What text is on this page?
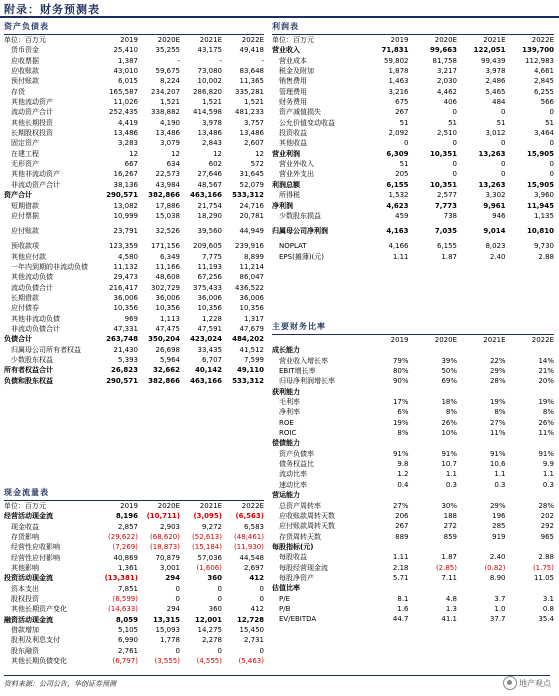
附录：财务预测表
资产负债表
单位：百万元	2019	2020E	2021E	2022E
货币资金	25,410	35,255	43,175	49,418
应收票据	1,387	-	-	-
应收账款	43,010	59,675	73,080	83,648
预付账款	6,015	8,224	10,002	11,365
存货	165,587	234,207	286,820	335,281
其他流动资产	11,026	1,521	1,521	1,521
流动资产合计	252,435	338,882	414,598	481,233
其他长期投资	4,419	4,190	3,978	3,757
长期股权投资	13,486	13,486	13,486	13,486
固定资产	3,283	3,079	2,843	2,607
在建工程	12	12	12	12
无形资产	667	634	602	572
其他非流动资产	16,267	22,573	27,646	31,645
非流动资产合计	38,136	43,984	48,567	52,079
资产合计	290,571	382,866	463,166	533,312
短期借款	13,082	17,886	21,754	24,716
应付票据	10,999	15,038	18,290	20,781
应付账款	23,791	32,526	39,560	44,949
预收款项	123,359	171,156	209,605	239,916
其他应付款	4,580	6,349	7,775	8,899
一年内到期的非流动负债	11,132	11,166	11,193	11,214
其他流动负债	29,473	48,608	67,256	86,047
流动负债合计	216,417	302,729	375,433	436,522
长期借款	36,006	36,006	36,006	36,006
应付债券	10,356	10,356	10,356	10,356
其他非流动负债	969	1,113	1,228	1,317
非流动负债合计	47,331	47,475	47,591	47,679
负债合计	263,748	350,204	423,024	484,202
归属母公司所有者权益	21,430	26,698	33,435	41,512
少数股东权益	5,393	5,964	6,707	7,599
所有者权益合计	26,823	32,662	40,142	49,110
负债和股东权益	290,571	382,866	463,166	533,312
现金流量表
单位：百万元	2019	2020E	2021E	2022E
经营活动现金流	8,196	(10,711)	(3,095)	(6,563)
现金收益	2,857	2,903	9,272	6,583
存货影响	(29,622)	(68,620)	(52,613)	(48,461)
经营性应收影响	(7,269)	(18,873)	(15,184)	(11,930)
经营性应付影响	40,869	70,879	57,036	44,548
其他影响	1,361	3,001	(1,606)	2,697
投资活动现金流	(13,381)	294	360	412
资本支出	7,851	0	0	0
股权投资	(6,599)	0	0	0
其他长期资产变化	(14,633)	294	360	412
融资活动现金流	8,059	13,315	12,001	12,728
借款增加	5,105	15,093	14,275	15,450
股利及利息支付	6,990	1,778	2,278	2,731
股东融资	2,761	0	0	0
其他长期负债变化	(6,797)	(3,555)	(4,555)	(5,463)
利润表
单位：百万元	2019	2020E	2021E	2022E
营业收入	71,831	99,663	122,051	139,700
营业成本	59,802	81,758	99,439	112,983
税金及附加	1,878	3,217	3,978	4,661
销售费用	1,463	2,030	2,486	2,845
管理费用	3,216	4,462	5,465	6,255
财务费用	675	406	484	566
资产减值损失	267	0	0	0
公允价值变动收益	51	51	51	51
投资收益	2,092	2,510	3,012	3,464
其他收益	0	0	0	0
营业利润	6,309	10,351	13,263	15,905
营业外收入	51	0	0	0
营业外支出	205	0	0	0
利润总额	6,155	10,351	13,263	15,905
所得税	1,532	2,577	3,302	3,960
净利润	4,623	7,773	9,961	11,945
少数股东损益	459	738	946	1,135
归属母公司净利润	4,163	7,035	9,014	10,810
NOPLAT	4,166	6,155	8,023	9,730
EPS(摊薄)(元)	1.11	1.87	2.40	2.88
主要财务比率
	2019	2020E	2021E	2022E
成长能力				
营业收入增长率	79%	39%	22%	14%
EBIT增长率	80%	50%	29%	21%
归母净利润增长率	90%	69%	28%	20%
获利能力				
毛利率	17%	18%	19%	19%
净利率	6%	8%	8%	8%
ROE	19%	26%	27%	26%
ROIC	8%	10%	11%	11%
偿债能力				
资产负债率	91%	91%	91%	91%
债务权益比	9.8	10.7	10.6	9.9
流动比率	1.2	1.1	1.1	1.1
速动比率	0.4	0.3	0.3	0.3
营运能力				
总资产周转率	27%	30%	29%	28%
应收账款周转天数	206	188	196	202
应付账款周转天数	267	272	285	292
存货周转天数	889	859	919	965
每股指标(元)				
每股收益	1.11	1.87	2.40	2.88
每股经营现金流	2.18	(2.85)	(0.82)	(1.75)
每股净资产	5.71	7.11	8.90	11.05
估值比率				
P/E	8.1	4.8	3.7	3.1
P/B	1.6	1.3	1.0	0.8
EV/EBITDA	44.7	41.1	37.7	35.4
资料来源：公司公告，华创证券预测	地产观点
